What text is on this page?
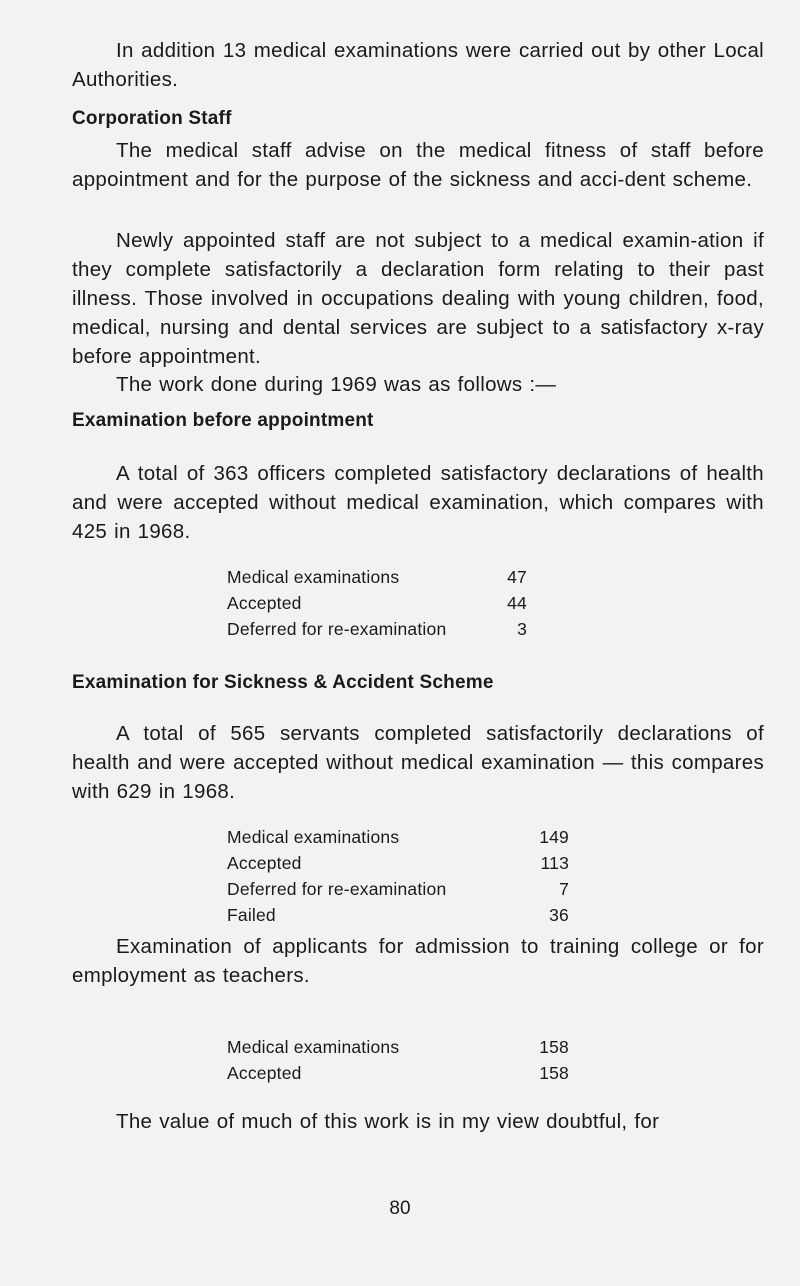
In addition 13 medical examinations were carried out by other Local Authorities.

Corporation Staff

The medical staff advise on the medical fitness of staff before appointment and for the purpose of the sickness and acci-dent scheme.

Newly appointed staff are not subject to a medical examin-ation if they complete satisfactorily a declaration form relating to their past illness. Those involved in occupations dealing with young children, food, medical, nursing and dental services are subject to a satisfactory x-ray before appointment.

The work done during 1969 was as follows :—

Examination before appointment

A total of 363 officers completed satisfactory declarations of health and were accepted without medical examination, which compares with 425 in 1968.

Medical examinations	47
Accepted	44
Deferred for re-examination	3
Examination for Sickness & Accident Scheme

A total of 565 servants completed satisfactorily declarations of health and were accepted without medical examination — this compares with 629 in 1968.

Medical examinations	149
Accepted	113
Deferred for re-examination	7
Failed	36

Examination of applicants for admission to training college or for employment as teachers.

Medical examinations	158
Accepted	158

The value of much of this work is in my view doubtful, for

80
